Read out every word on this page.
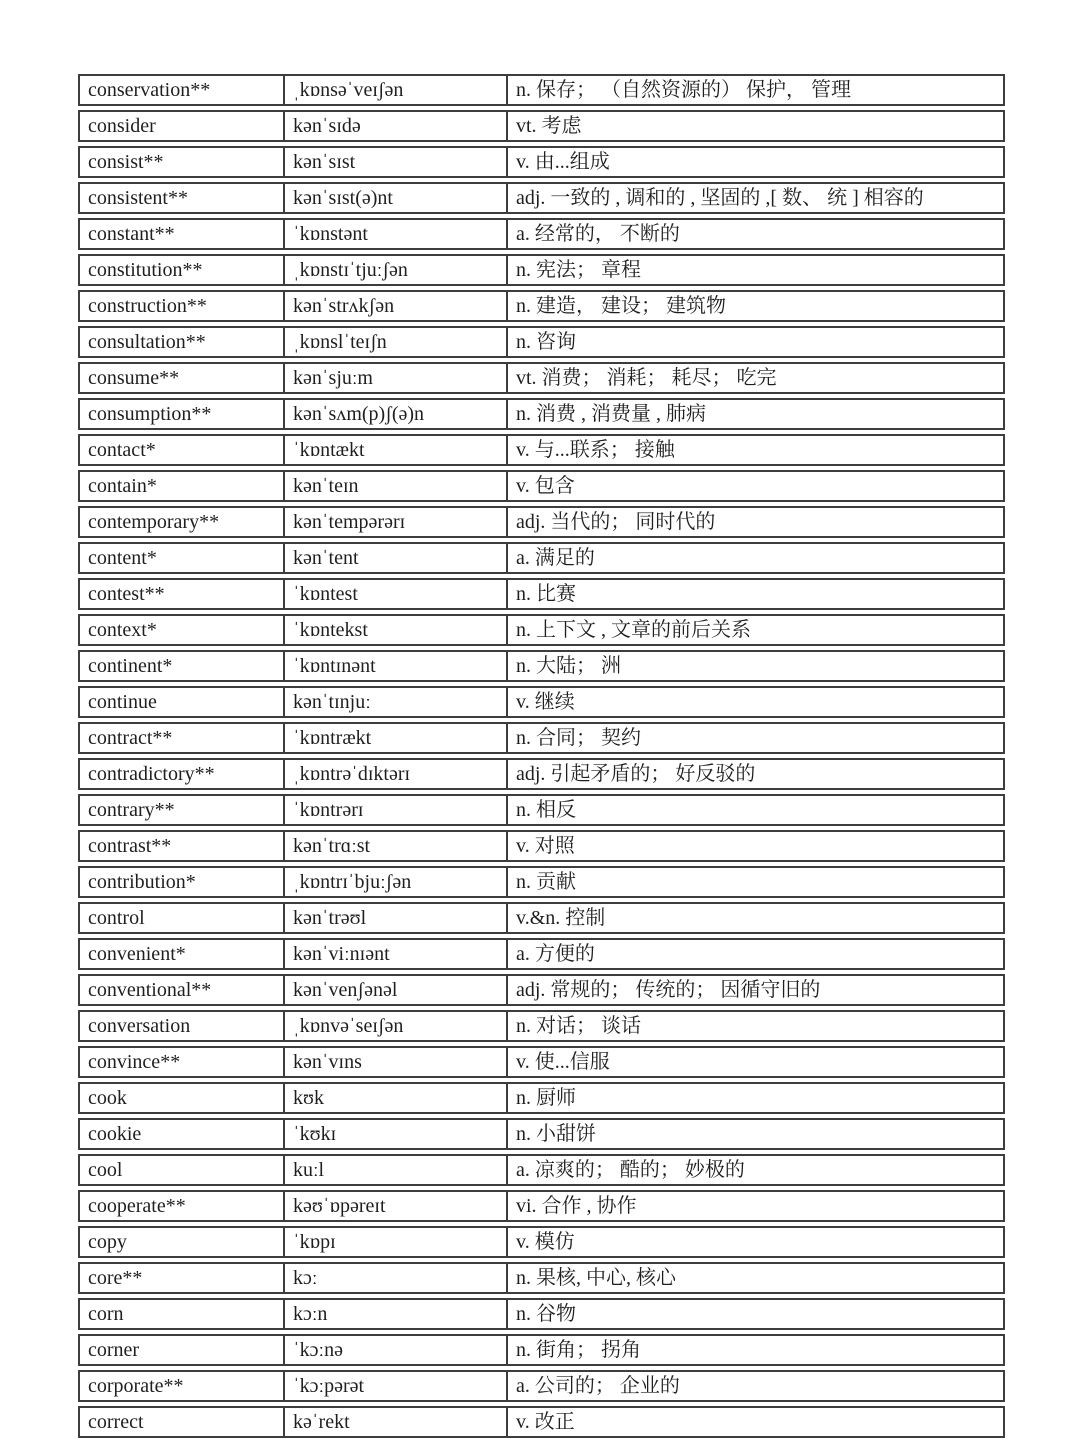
conservation**	ˌkɒnsəˈveɪʃən	n. 保存； （自然资源的） 保护， 管理
consider	kənˈsɪdə	vt. 考虑
consist**	kənˈsɪst	v. 由...组成
consistent**	kənˈsɪst(ə)nt	adj. 一致的 , 调和的 , 坚固的 ,[ 数、 统 ] 相容的
constant**	ˈkɒnstənt	a. 经常的， 不断的
constitution**	ˌkɒnstɪˈtjuːʃən	n. 宪法； 章程
construction**	kənˈstrʌkʃən	n. 建造， 建设； 建筑物
consultation**	ˌkɒnslˈteɪʃn	n. 咨询
consume**	kənˈsjuːm	vt. 消费； 消耗； 耗尽； 吃完
consumption**	kənˈsʌm(p)ʃ(ə)n	n. 消费 , 消费量 , 肺病
contact*	ˈkɒntækt	v. 与...联系； 接触
contain*	kənˈteɪn	v. 包含
contemporary**	kənˈtempərərɪ	adj. 当代的； 同时代的
content*	kənˈtent	a. 满足的
contest**	ˈkɒntest	n. 比赛
context*	ˈkɒntekst	n. 上下文 , 文章的前后关系
continent*	ˈkɒntɪnənt	n. 大陆； 洲
continue	kənˈtɪnjuː	v. 继续
contract**	ˈkɒntrækt	n. 合同； 契约
contradictory**	ˌkɒntrəˈdɪktərɪ	adj. 引起矛盾的； 好反驳的
contrary**	ˈkɒntrərɪ	n. 相反
contrast**	kənˈtrɑːst	v. 对照
contribution*	ˌkɒntrɪˈbjuːʃən	n. 贡献
control	kənˈtrəʊl	v.&n. 控制
convenient*	kənˈviːnɪənt	a. 方便的
conventional**	kənˈvenʃənəl	adj. 常规的； 传统的； 因循守旧的
conversation	ˌkɒnvəˈseɪʃən	n. 对话； 谈话
convince**	kənˈvɪns	v. 使...信服
cook	kʊk	n. 厨师
cookie	ˈkʊkɪ	n. 小甜饼
cool	kuːl	a. 凉爽的； 酷的； 妙极的
cooperate**	kəʊˈɒpəreɪt	vi. 合作 , 协作
copy	ˈkɒpɪ	v. 模仿
core**	kɔː	n. 果核, 中心, 核心
corn	kɔːn	n. 谷物
corner	ˈkɔːnə	n. 街角； 拐角
corporate**	ˈkɔːpərət	a. 公司的； 企业的
correct	kəˈrekt	v. 改正
